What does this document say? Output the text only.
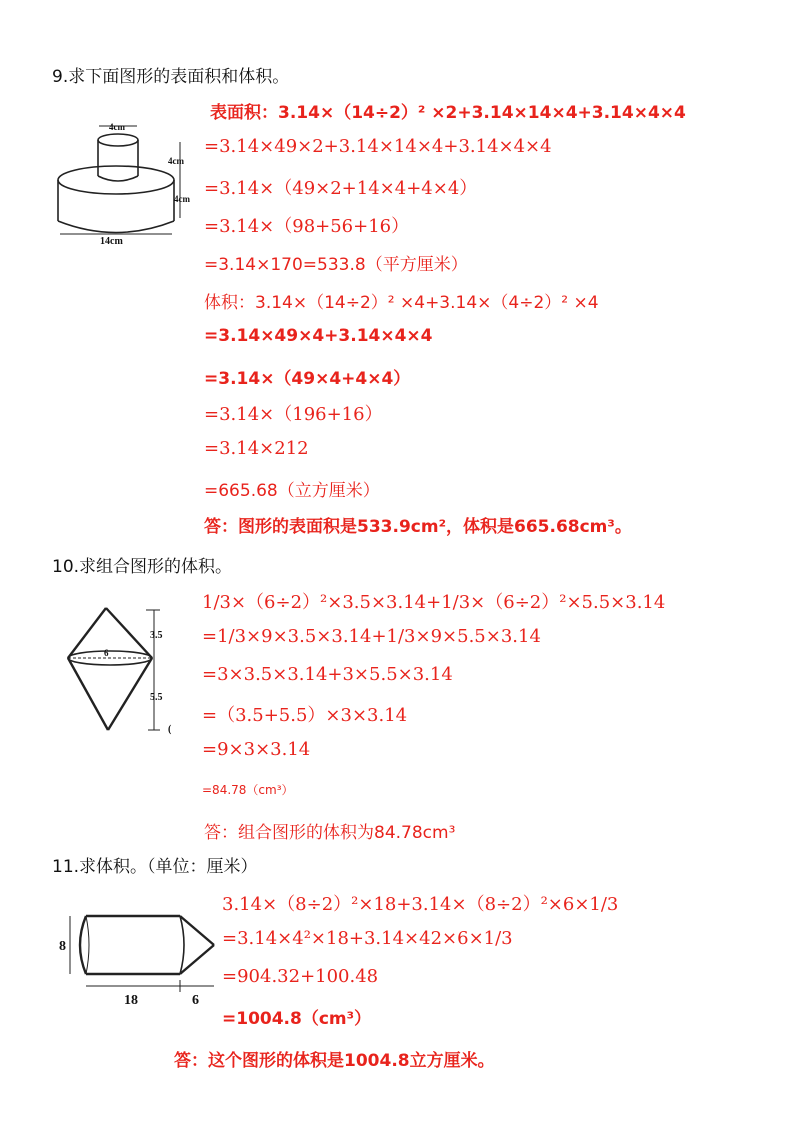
9.求下面图形的表面积和体积。
4cm
4cm
4cm
14cm
表面积：3.14×（14÷2）² ×2+3.14×14×4+3.14×4×4
=3.14×49×2+3.14×14×4+3.14×4×4
=3.14×（49×2+14×4+4×4）
=3.14×（98+56+16）
=3.14×170=533.8（平方厘米）
体积：3.14×（14÷2）² ×4+3.14×（4÷2）² ×4
=3.14×49×4+3.14×4×4
=3.14×（49×4+4×4）
=3.14×（196+16）
=3.14×212
=665.68（立方厘米）
答：图形的表面积是533.9cm²，体积是665.68cm³。
10.求组合图形的体积。
6
3.5
5.5
(
1/3×（6÷2）²×3.5×3.14+1/3×（6÷2）²×5.5×3.14
=1/3×9×3.5×3.14+1/3×9×5.5×3.14
=3×3.5×3.14+3×5.5×3.14
=（3.5+5.5）×3×3.14
=9×3×3.14
=84.78（cm³）
答：组合图形的体积为84.78cm³
11.求体积。（单位：厘米）
8
18	6
3.14×（8÷2）²×18+3.14×（8÷2）²×6×1/3
=3.14×4²×18+3.14×42×6×1/3
=904.32+100.48
=1004.8（cm³）
答：这个图形的体积是1004.8立方厘米。
